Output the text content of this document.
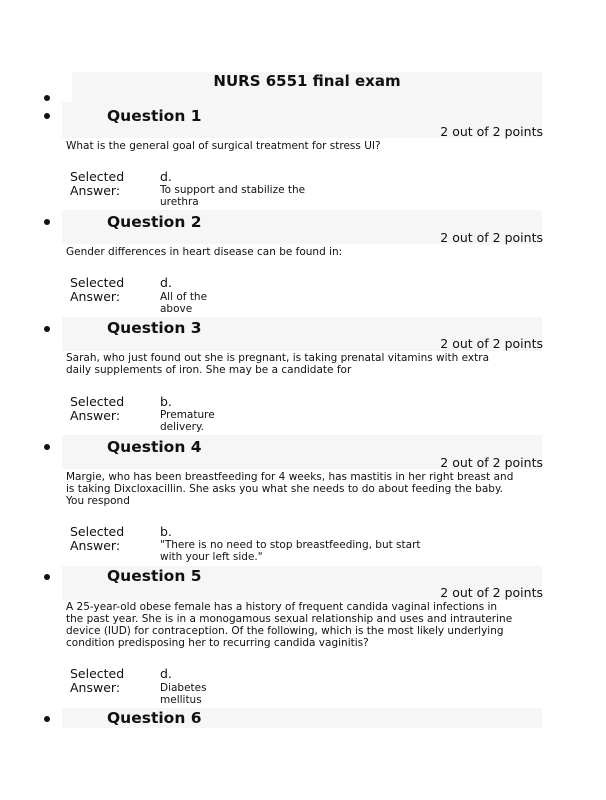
NURS 6551 final exam
Question 1
2 out of 2 points
What is the general goal of surgical treatment for stress UI?
Selected
Answer:
d.
To support and stabilize the urethra
Question 2
2 out of 2 points
Gender differences in heart disease can be found in:
Selected
Answer:
d.
All of the above
Question 3
2 out of 2 points
Sarah, who just found out she is pregnant, is taking prenatal vitamins with extra daily supplements of iron. She may be a candidate for
Selected
Answer:
b.
Premature delivery.
Question 4
2 out of 2 points
Margie, who has been breastfeeding for 4 weeks, has mastitis in her right breast and is taking Dixcloxacillin. She asks you what she needs to do about feeding the baby. You respond
Selected
Answer:
b.
"There is no need to stop breastfeeding, but start with your left side."
Question 5
2 out of 2 points
A 25-year-old obese female has a history of frequent candida vaginal infections in the past year. She is in a monogamous sexual relationship and uses and intrauterine device (IUD) for contraception. Of the following, which is the most likely underlying condition predisposing her to recurring candida vaginitis?
Selected
Answer:
d.
Diabetes mellitus
Question 6
